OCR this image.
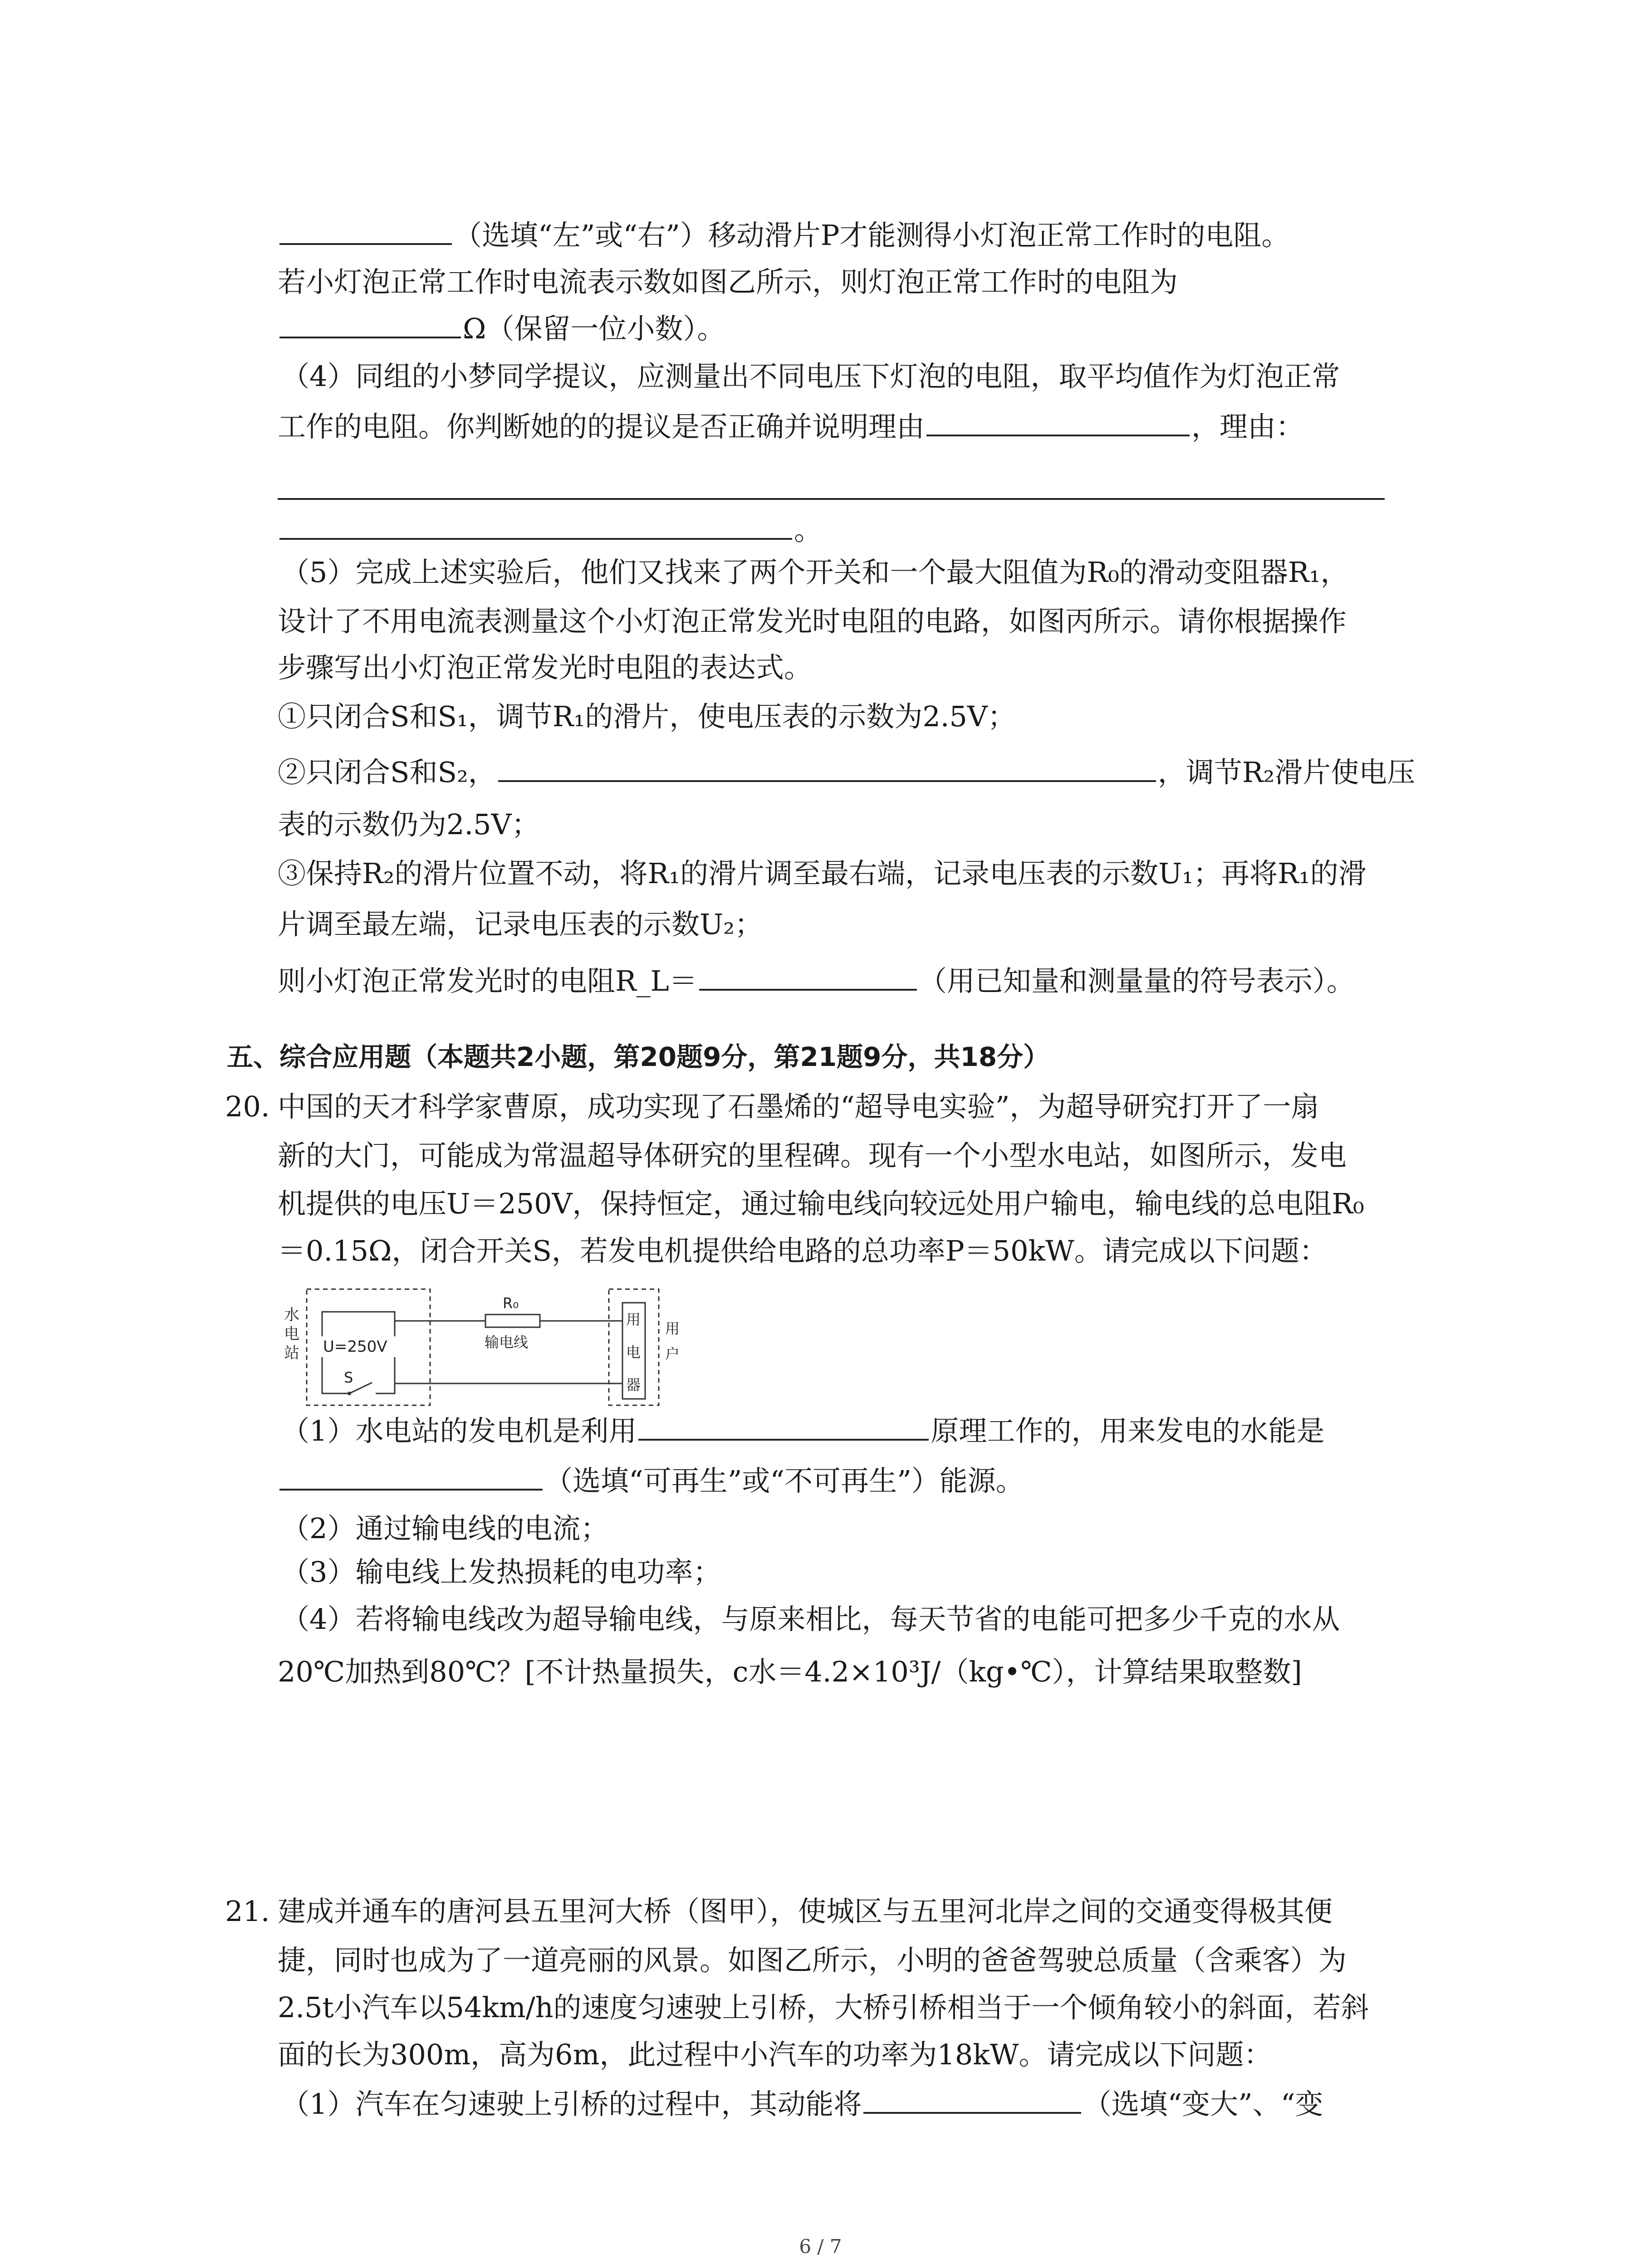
（选填“左”或“右”）移动滑片P才能测得小灯泡正常工作时的电阻。
若小灯泡正常工作时电流表示数如图乙所示，则灯泡正常工作时的电阻为
Ω（保留一位小数）。
（4）同组的小梦同学提议，应测量出不同电压下灯泡的电阻，取平均值作为灯泡正常
工作的电阻。你判断她的的提议是否正确并说明理由	，理由：
。
（5）完成上述实验后，他们又找来了两个开关和一个最大阻值为R₀的滑动变阻器R₁，
设计了不用电流表测量这个小灯泡正常发光时电阻的电路，如图丙所示。请你根据操作
步骤写出小灯泡正常发光时电阻的表达式。
①只闭合S和S₁，调节R₁的滑片，使电压表的示数为2.5V；
②只闭合S和S₂，	，调节R₂滑片使电压
表的示数仍为2.5V；
③保持R₂的滑片位置不动，将R₁的滑片调至最右端，记录电压表的示数U₁；再将R₁的滑
片调至最左端，记录电压表的示数U₂；
则小灯泡正常发光时的电阻R_L＝	（用已知量和测量量的符号表示）。
五、综合应用题（本题共2小题，第20题9分，第21题9分，共18分）
20. 中国的天才科学家曹原，成功实现了石墨烯的“超导电实验”，为超导研究打开了一扇
新的大门，可能成为常温超导体研究的里程碑。现有一个小型水电站，如图所示，发电
机提供的电压U＝250V，保持恒定，通过输电线向较远处用户输电，输电线的总电阻R₀
＝0.15Ω，闭合开关S，若发电机提供给电路的总功率P＝50kW。请完成以下问题：
水
电
站 U=250V
S
R₀
输电线
用
电
器
用
户
（1）水电站的发电机是利用	原理工作的，用来发电的水能是
（选填“可再生”或“不可再生”）能源。
（2）通过输电线的电流；
（3）输电线上发热损耗的电功率；
（4）若将输电线改为超导输电线，与原来相比，每天节省的电能可把多少千克的水从
20℃加热到80℃？[不计热量损失，c水＝4.2×10³J/（kg•℃），计算结果取整数]
21. 建成并通车的唐河县五里河大桥（图甲），使城区与五里河北岸之间的交通变得极其便
捷，同时也成为了一道亮丽的风景。如图乙所示，小明的爸爸驾驶总质量（含乘客）为
2.5t小汽车以54km/h的速度匀速驶上引桥，大桥引桥相当于一个倾角较小的斜面，若斜
面的长为300m，高为6m，此过程中小汽车的功率为18kW。请完成以下问题：
（1）汽车在匀速驶上引桥的过程中，其动能将	（选填“变大”、“变
6 / 7
